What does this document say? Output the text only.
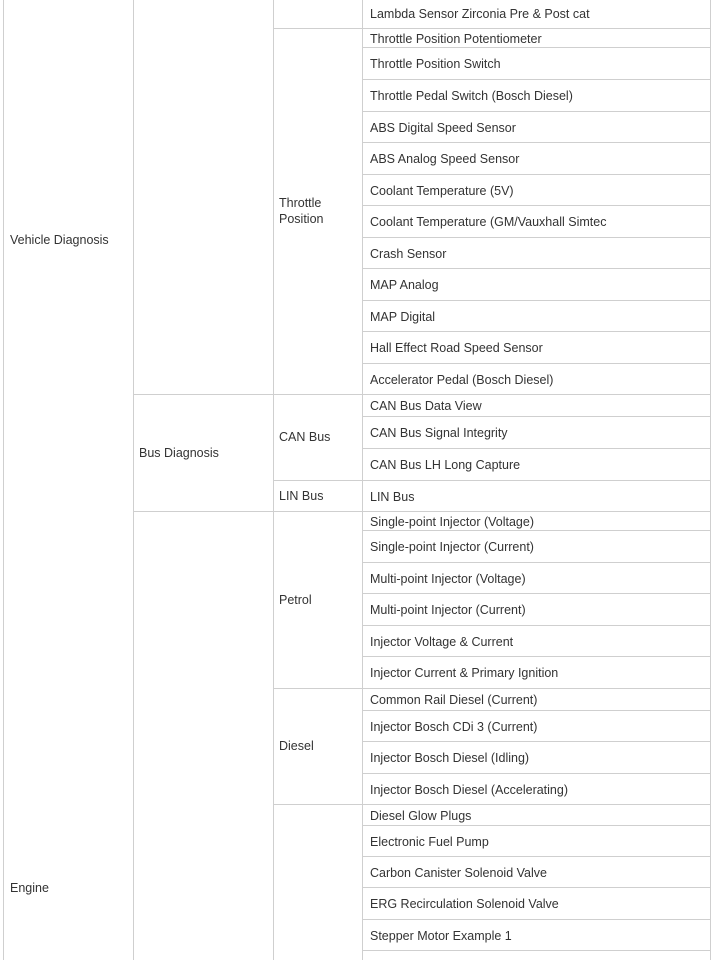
Vehicle Diagnosis
Engine
Bus Diagnosis
Throttle Position
CAN Bus
LIN Bus
Petrol
Diesel
Lambda Sensor Zirconia Pre & Post cat
Throttle Position Potentiometer
Throttle Position Switch
Throttle Pedal Switch (Bosch Diesel)
ABS Digital Speed Sensor
ABS Analog Speed Sensor
Coolant Temperature (5V)
Coolant Temperature (GM/Vauxhall Simtec
Crash Sensor
MAP Analog
MAP Digital
Hall Effect Road Speed Sensor
Accelerator Pedal (Bosch Diesel)
CAN Bus Data View
CAN Bus Signal Integrity
CAN Bus LH Long Capture
LIN Bus
Single-point Injector (Voltage)
Single-point Injector (Current)
Multi-point Injector (Voltage)
Multi-point Injector (Current)
Injector Voltage & Current
Injector Current & Primary Ignition
Common Rail Diesel (Current)
Injector Bosch CDi 3 (Current)
Injector Bosch Diesel (Idling)
Injector Bosch Diesel (Accelerating)
Diesel Glow Plugs
Electronic Fuel Pump
Carbon Canister Solenoid Valve
ERG Recirculation Solenoid Valve
Stepper Motor Example 1
